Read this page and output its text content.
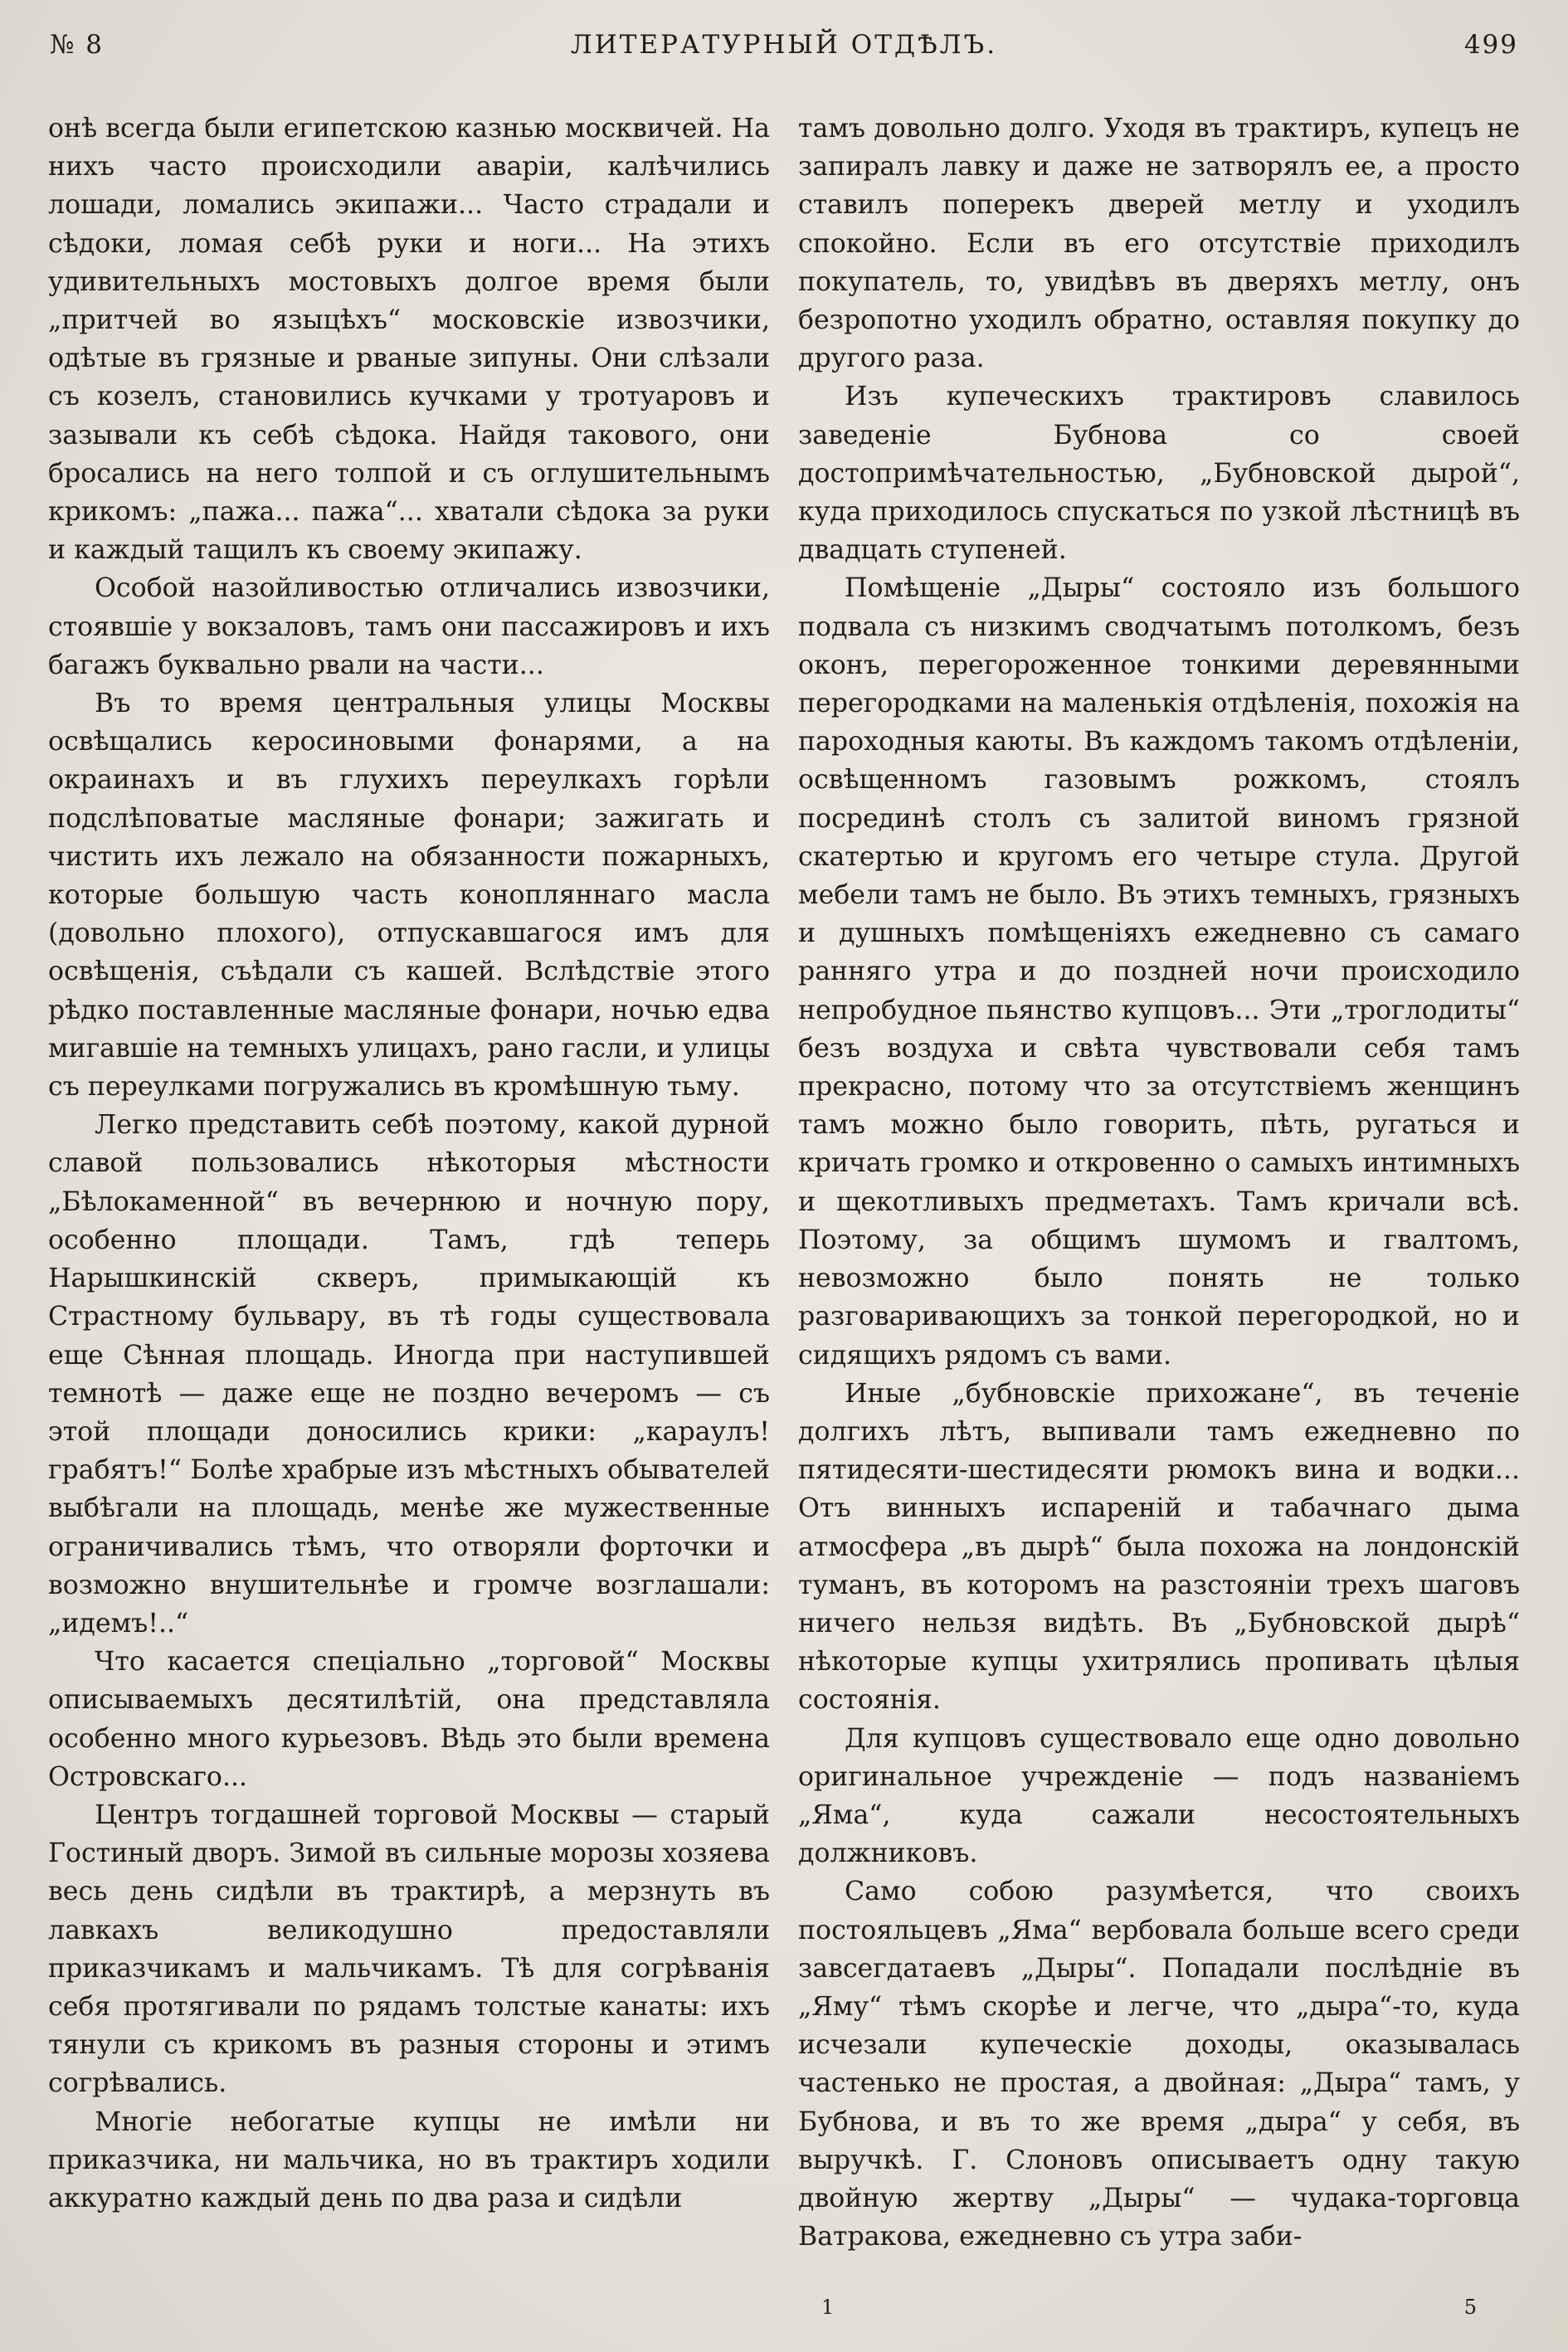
№ 8	ЛИТЕРАТУРНЫЙ ОТДѢЛЪ.	499

онѣ всегда были египетскою казнью москвичей. На нихъ часто происходили аваріи, калѣчились лошади, ломались экипажи... Часто страдали и сѣдоки, ломая себѣ руки и ноги... На этихъ удивительныхъ мостовыхъ долгое время были „притчей во языцѣхъ“ московскіе извозчики, одѣтые въ грязные и рваные зипуны. Они слѣзали съ козелъ, становились кучками у тротуаровъ и зазывали къ себѣ сѣдока. Найдя такового, они бросались на него толпой и съ оглушительнымъ крикомъ: „пажа... пажа“... хватали сѣдока за руки и каждый тащилъ къ своему экипажу.

Особой назойливостью отличались извозчики, стоявшіе у вокзаловъ, тамъ они пассажировъ и ихъ багажъ буквально рвали на части...

Въ то время центральныя улицы Москвы освѣщались керосиновыми фонарями, а на окраинахъ и въ глухихъ переулкахъ горѣли подслѣповатые масляные фонари; зажигать и чистить ихъ лежало на обязанности пожарныхъ, которые большую часть конопляннаго масла (довольно плохого), отпускавшагося имъ для освѣщенія, съѣдали съ кашей. Вслѣдствіе этого рѣдко поставленные масляные фонари, ночью едва мигавшіе на темныхъ улицахъ, рано гасли, и улицы съ переулками погружались въ кромѣшную тьму.

Легко представить себѣ поэтому, какой дурной славой пользовались нѣкоторыя мѣстности „Бѣлокаменной“ въ вечернюю и ночную пору, особенно площади. Тамъ, гдѣ теперь Нарышкинскій скверъ, примыкающій къ Страстному бульвару, въ тѣ годы существовала еще Сѣнная площадь. Иногда при наступившей темнотѣ — даже еще не поздно вечеромъ — съ этой площади доносились крики: „караулъ! грабятъ!“ Болѣе храбрые изъ мѣстныхъ обывателей выбѣгали на площадь, менѣе же мужественные ограничивались тѣмъ, что отворяли форточки и возможно внушительнѣе и громче возглашали: „идемъ!..“

Что касается спеціально „торговой“ Москвы описываемыхъ десятилѣтій, она представляла особенно много курьезовъ. Вѣдь это были времена Островскаго...

Центръ тогдашней торговой Москвы — старый Гостиный дворъ. Зимой въ сильные морозы хозяева весь день сидѣли въ трактирѣ, а мерзнуть въ лавкахъ великодушно предоставляли приказчикамъ и мальчикамъ. Тѣ для согрѣванія себя протягивали по рядамъ толстые канаты: ихъ тянули съ крикомъ въ разныя стороны и этимъ согрѣвались.

Многіе небогатые купцы не имѣли ни приказчика, ни мальчика, но въ трактиръ ходили аккуратно каждый день по два раза и сидѣли

тамъ довольно долго. Уходя въ трактиръ, купецъ не запиралъ лавку и даже не затворялъ ее, а просто ставилъ поперекъ дверей метлу и уходилъ спокойно. Если въ его отсутствіе приходилъ покупатель, то, увидѣвъ въ дверяхъ метлу, онъ безропотно уходилъ обратно, оставляя покупку до другого раза.

Изъ купеческихъ трактировъ славилось заведеніе Бубнова со своей достопримѣчательностью, „Бубновской дырой“, куда приходилось спускаться по узкой лѣстницѣ въ двадцать ступеней.

Помѣщеніе „Дыры“ состояло изъ большого подвала съ низкимъ сводчатымъ потолкомъ, безъ оконъ, перегороженное тонкими деревянными перегородками на маленькія отдѣленія, похожія на пароходныя каюты. Въ каждомъ такомъ отдѣленіи, освѣщенномъ газовымъ рожкомъ, стоялъ посрединѣ столъ съ залитой виномъ грязной скатертью и кругомъ его четыре стула. Другой мебели тамъ не было. Въ этихъ темныхъ, грязныхъ и душныхъ помѣщеніяхъ ежедневно съ самаго ранняго утра и до поздней ночи происходило непробудное пьянство купцовъ... Эти „троглодиты“ безъ воздуха и свѣта чувствовали себя тамъ прекрасно, потому что за отсутствіемъ женщинъ тамъ можно было говорить, пѣть, ругаться и кричать громко и откровенно о самыхъ интимныхъ и щекотливыхъ предметахъ. Тамъ кричали всѣ. Поэтому, за общимъ шумомъ и гвалтомъ, невозможно было понять не только разговаривающихъ за тонкой перегородкой, но и сидящихъ рядомъ съ вами.

Иные „бубновскіе прихожане“, въ теченіе долгихъ лѣтъ, выпивали тамъ ежедневно по пятидесяти-шестидесяти рюмокъ вина и водки... Отъ винныхъ испареній и табачнаго дыма атмосфера „въ дырѣ“ была похожа на лондонскій туманъ, въ которомъ на разстояніи трехъ шаговъ ничего нельзя видѣть. Въ „Бубновской дырѣ“ нѣкоторые купцы ухитрялись пропивать цѣлыя состоянія.

Для купцовъ существовало еще одно довольно оригинальное учрежденіе — подъ названіемъ „Яма“, куда сажали несостоятельныхъ должниковъ.

Само собою разумѣется, что своихъ постояльцевъ „Яма“ вербовала больше всего среди завсегдатаевъ „Дыры“. Попадали послѣдніе въ „Яму“ тѣмъ скорѣе и легче, что „дыра“-то, куда исчезали купеческіе доходы, оказывалась частенько не простая, а двойная: „Дыра“ тамъ, у Бубнова, и въ то же время „дыра“ у себя, въ выручкѣ. Г. Слоновъ описываетъ одну такую двойную жертву „Дыры“ — чудака-торговца Ватракова, ежедневно съ утра заби-

1	5
